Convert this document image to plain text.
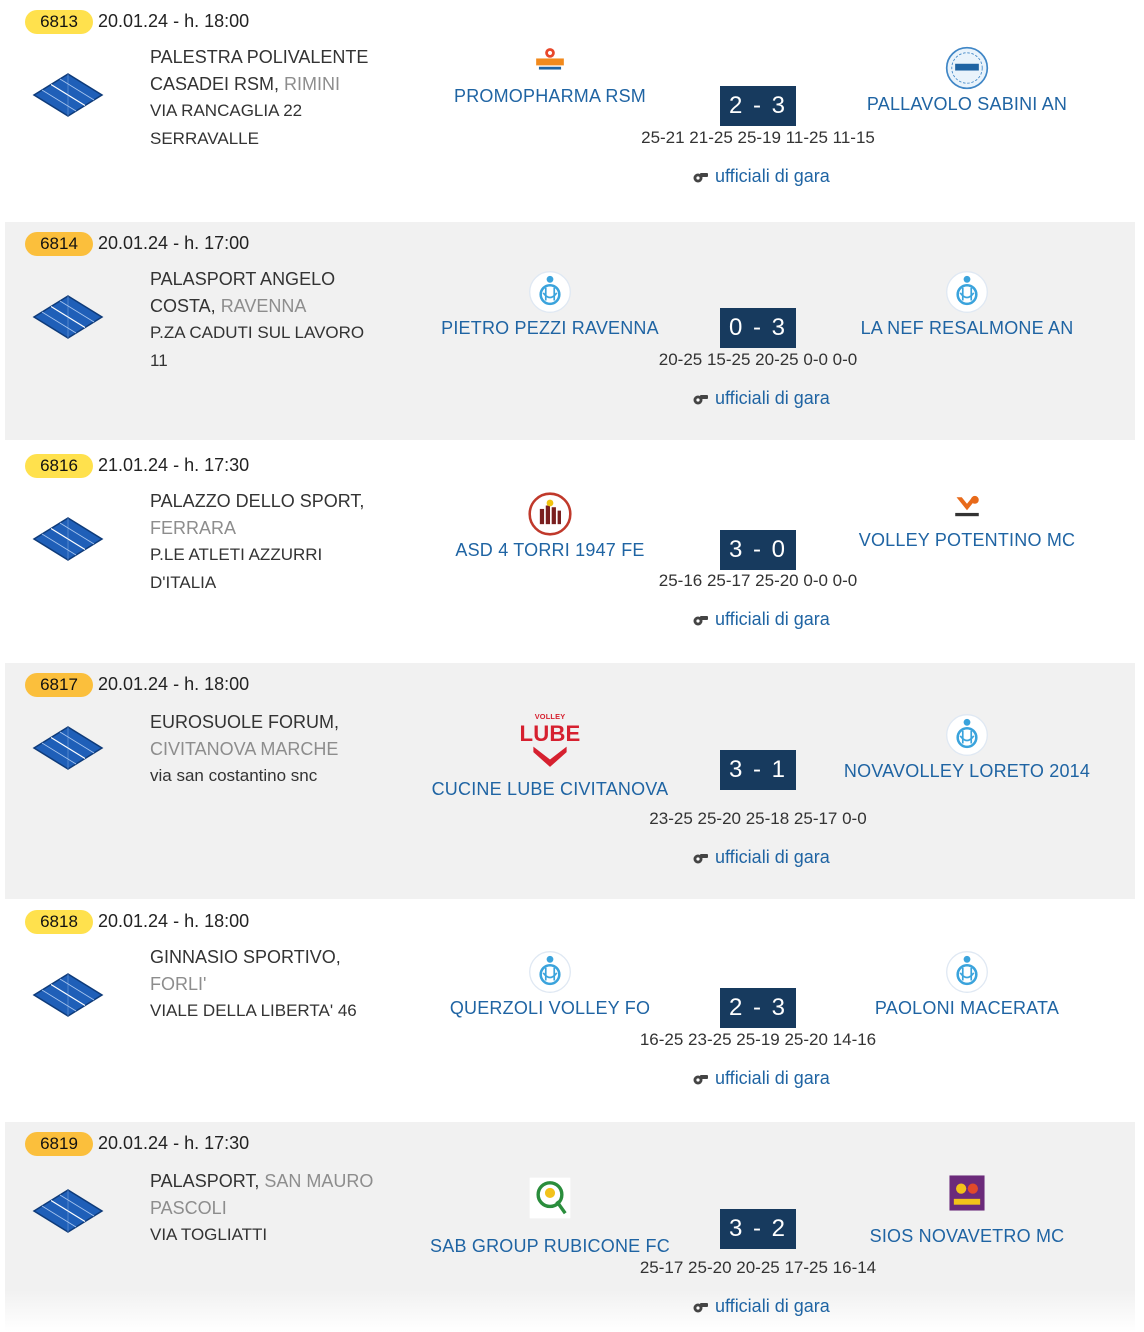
6813	20.01.24 - h. 18:00
PALESTRA POLIVALENTE CASADEI RSM, RIMINI
VIA RANCAGLIA 22 SERRAVALLE
PROMOPHARMA RSM	PALLAVOLO SABINI AN
2 - 3
25-21 21-25 25-19 11-25 11-15
ufficiali di gara
6814	20.01.24 - h. 17:00
PALASPORT ANGELO COSTA, RAVENNA
P.ZA CADUTI SUL LAVORO 11
PIETRO PEZZI RAVENNA	LA NEF RESALMONE AN
0 - 3
20-25 15-25 20-25 0-0 0-0
ufficiali di gara
6816	21.01.24 - h. 17:30
PALAZZO DELLO SPORT, FERRARA
P.LE ATLETI AZZURRI D'ITALIA
ASD 4 TORRI 1947 FE	VOLLEY POTENTINO MC
3 - 0
25-16 25-17 25-20 0-0 0-0
ufficiali di gara
6817	20.01.24 - h. 18:00
EUROSUOLE FORUM, CIVITANOVA MARCHE
via san costantino snc
VOLLEY
LUBE
CUCINE LUBE CIVITANOVA
NOVAVOLLEY LORETO 2014
3 - 1
23-25 25-20 25-18 25-17 0-0
ufficiali di gara
6818	20.01.24 - h. 18:00
GINNASIO SPORTIVO, FORLI'
VIALE DELLA LIBERTA' 46	QUERZOLI VOLLEY FO	PAOLONI MACERATA
2 - 3
16-25 23-25 25-19 25-20 14-16
ufficiali di gara
6819	20.01.24 - h. 17:30
PALASPORT, SAN MAURO PASCOLI
VIA TOGLIATTI
SAB GROUP RUBICONE FC	SIOS NOVAVETRO MC
3 - 2
25-17 25-20 20-25 17-25 16-14
ufficiali di gara
